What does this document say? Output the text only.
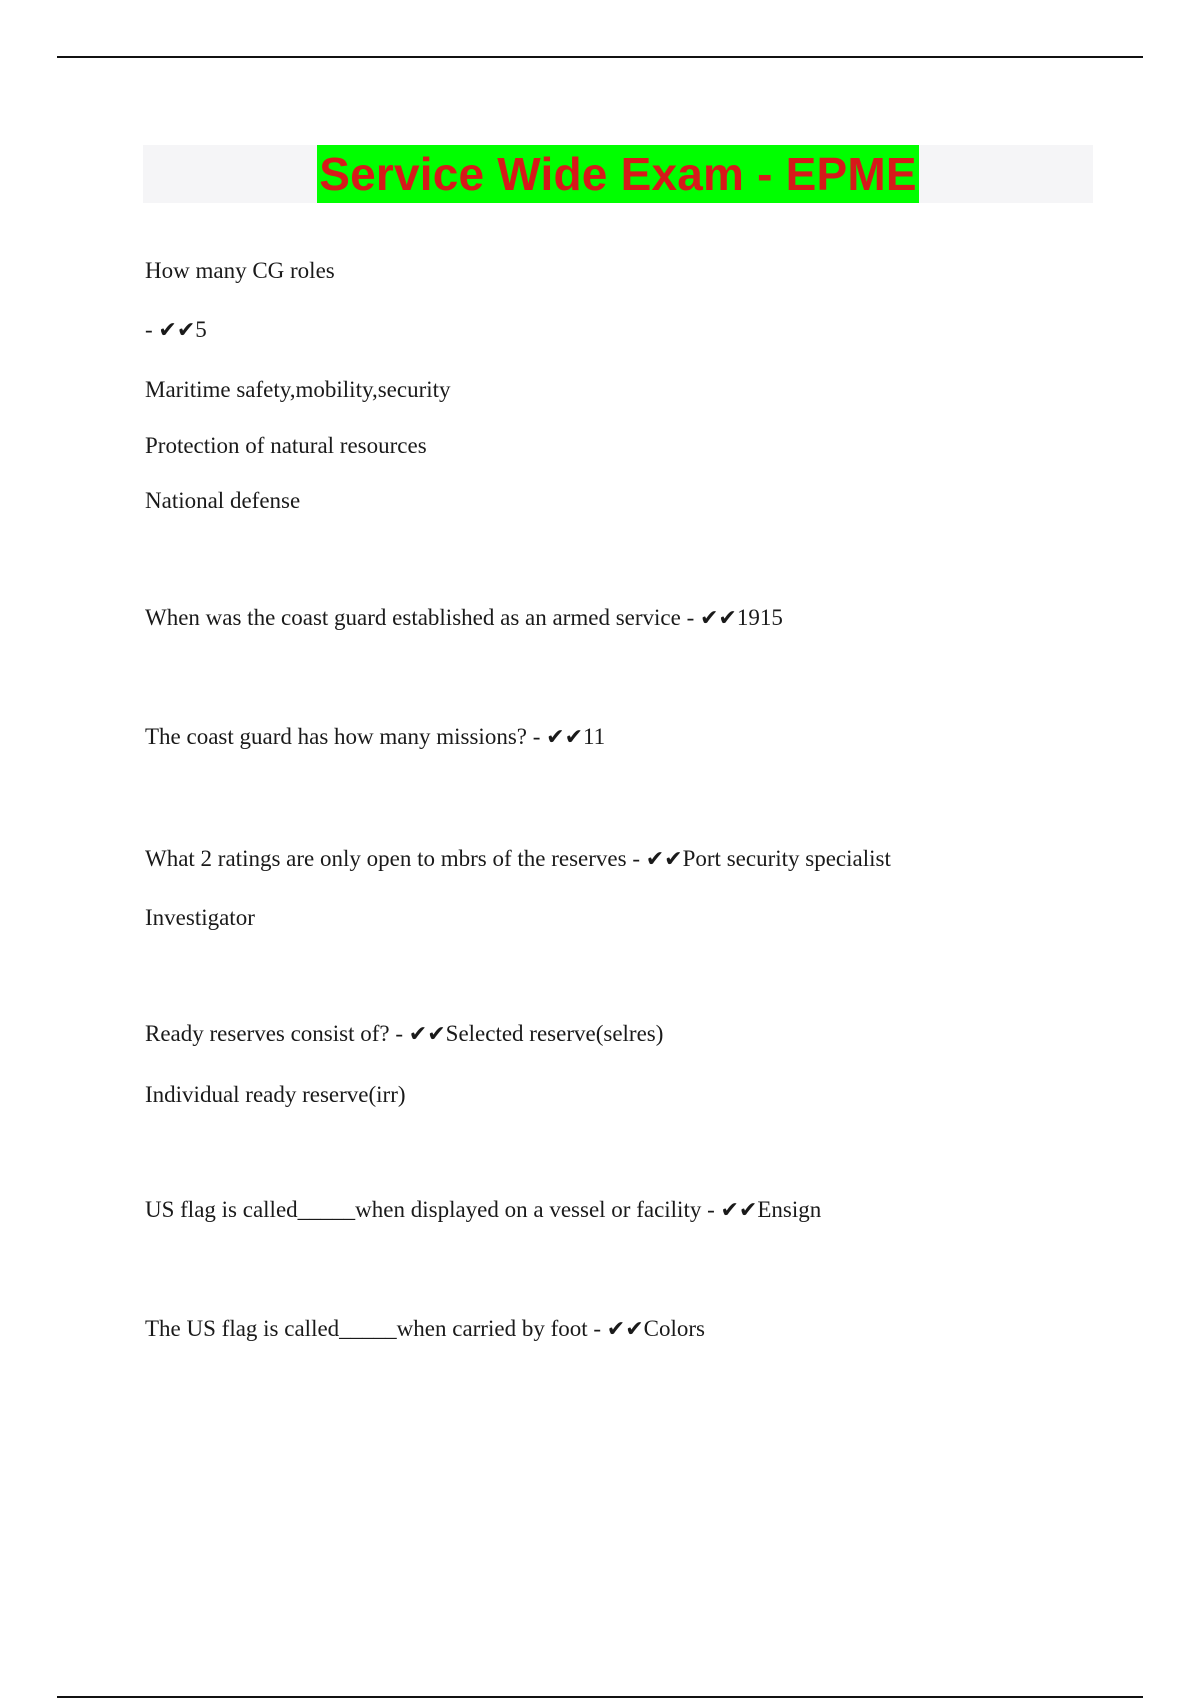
Service Wide Exam - EPME
How many CG roles
- ✔✔5
Maritime safety,mobility,security
Protection of natural resources
National defense
When was the coast guard established as an armed service - ✔✔1915
The coast guard has how many missions? - ✔✔11
What 2 ratings are only open to mbrs of the reserves - ✔✔Port security specialist
Investigator
Ready reserves consist of? - ✔✔Selected reserve(selres)
Individual ready reserve(irr)
US flag is called_____when displayed on a vessel or facility - ✔✔Ensign
The US flag is called_____when carried by foot - ✔✔Colors
